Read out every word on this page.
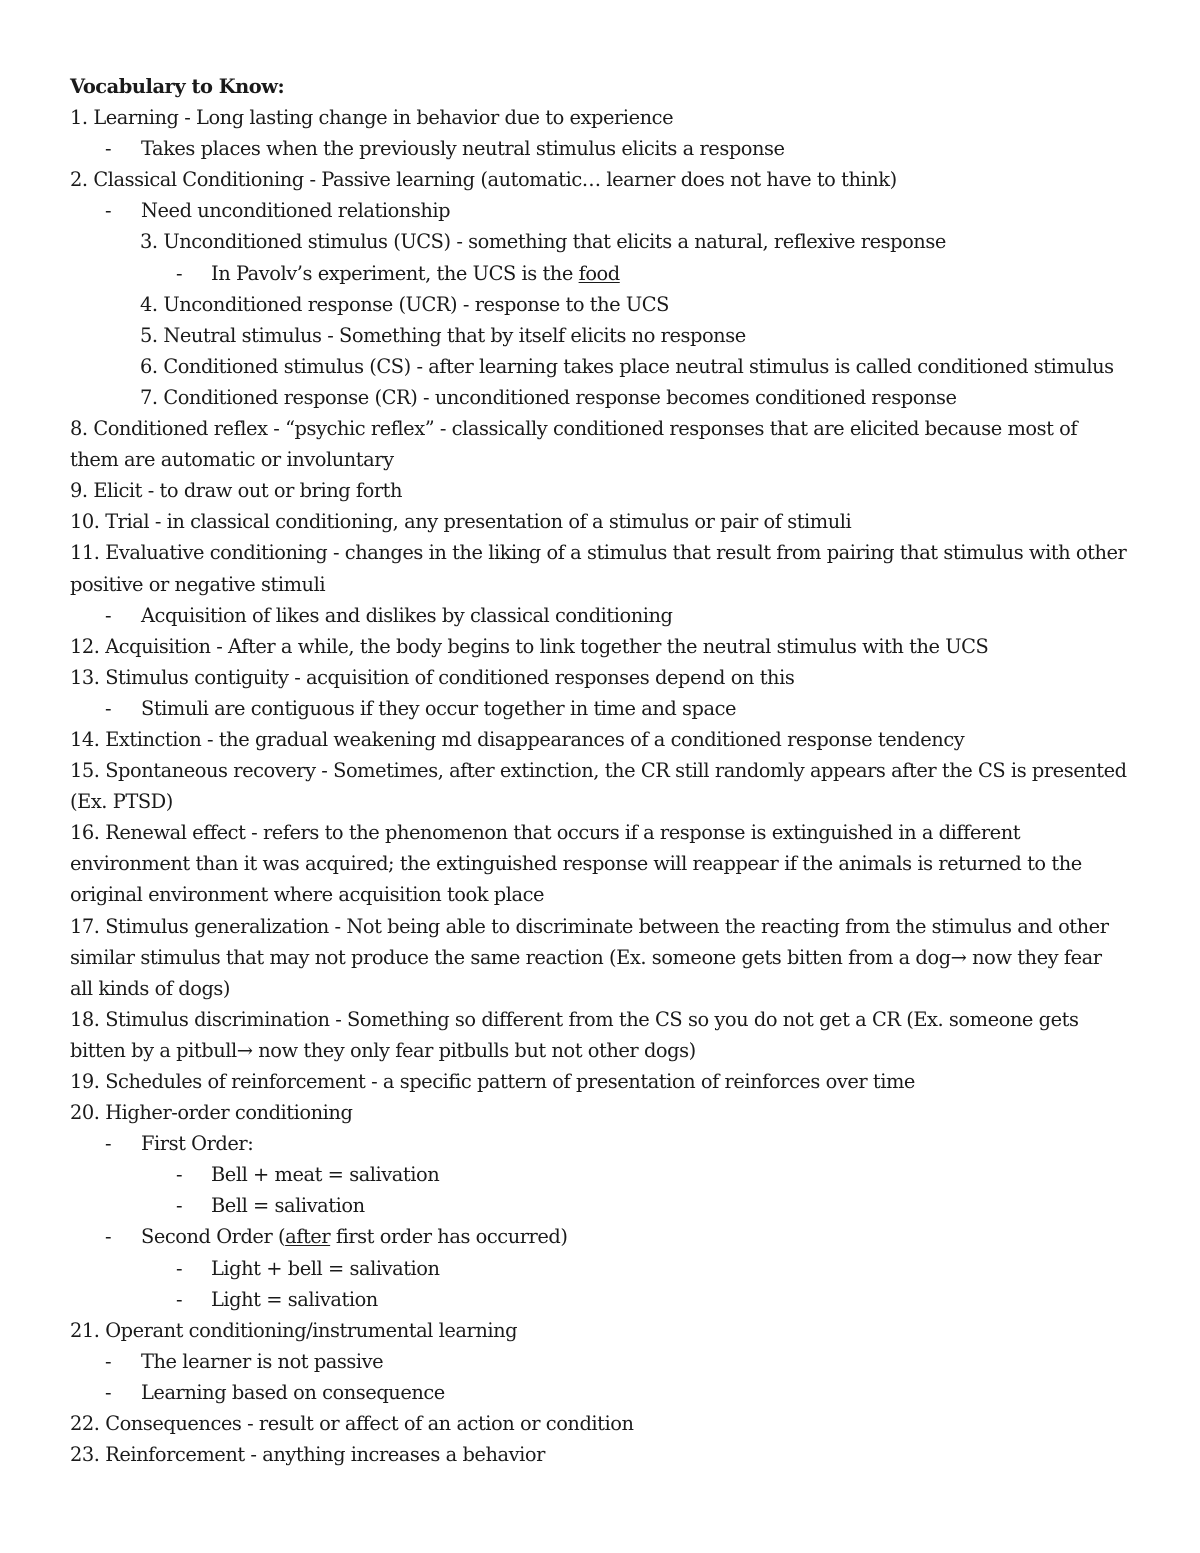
Vocabulary to Know:
1. Learning - Long lasting change in behavior due to experience
- Takes places when the previously neutral stimulus elicits a response
2. Classical Conditioning - Passive learning (automatic… learner does not have to think)
- Need unconditioned relationship
3. Unconditioned stimulus (UCS) - something that elicits a natural, reflexive response
- In Pavolv’s experiment, the UCS is the food
4. Unconditioned response (UCR) - response to the UCS
5. Neutral stimulus - Something that by itself elicits no response
6. Conditioned stimulus (CS) - after learning takes place neutral stimulus is called conditioned stimulus
7. Conditioned response (CR) - unconditioned response becomes conditioned response
8. Conditioned reflex - “psychic reflex” - classically conditioned responses that are elicited because most of
them are automatic or involuntary
9. Elicit - to draw out or bring forth
10. Trial - in classical conditioning, any presentation of a stimulus or pair of stimuli
11. Evaluative conditioning - changes in the liking of a stimulus that result from pairing that stimulus with other
positive or negative stimuli
- Acquisition of likes and dislikes by classical conditioning
12. Acquisition - After a while, the body begins to link together the neutral stimulus with the UCS
13. Stimulus contiguity - acquisition of conditioned responses depend on this
- Stimuli are contiguous if they occur together in time and space
14. Extinction - the gradual weakening md disappearances of a conditioned response tendency
15. Spontaneous recovery - Sometimes, after extinction, the CR still randomly appears after the CS is presented
(Ex. PTSD)
16. Renewal effect - refers to the phenomenon that occurs if a response is extinguished in a different
environment than it was acquired; the extinguished response will reappear if the animals is returned to the
original environment where acquisition took place
17. Stimulus generalization - Not being able to discriminate between the reacting from the stimulus and other
similar stimulus that may not produce the same reaction (Ex. someone gets bitten from a dog→ now they fear
all kinds of dogs)
18. Stimulus discrimination - Something so different from the CS so you do not get a CR (Ex. someone gets
bitten by a pitbull→ now they only fear pitbulls but not other dogs)
19. Schedules of reinforcement - a specific pattern of presentation of reinforces over time
20. Higher-order conditioning
- First Order:
- Bell + meat = salivation
- Bell = salivation
- Second Order (after first order has occurred)
- Light + bell = salivation
- Light = salivation
21. Operant conditioning/instrumental learning
- The learner is not passive
- Learning based on consequence
22. Consequences - result or affect of an action or condition
23. Reinforcement - anything increases a behavior
